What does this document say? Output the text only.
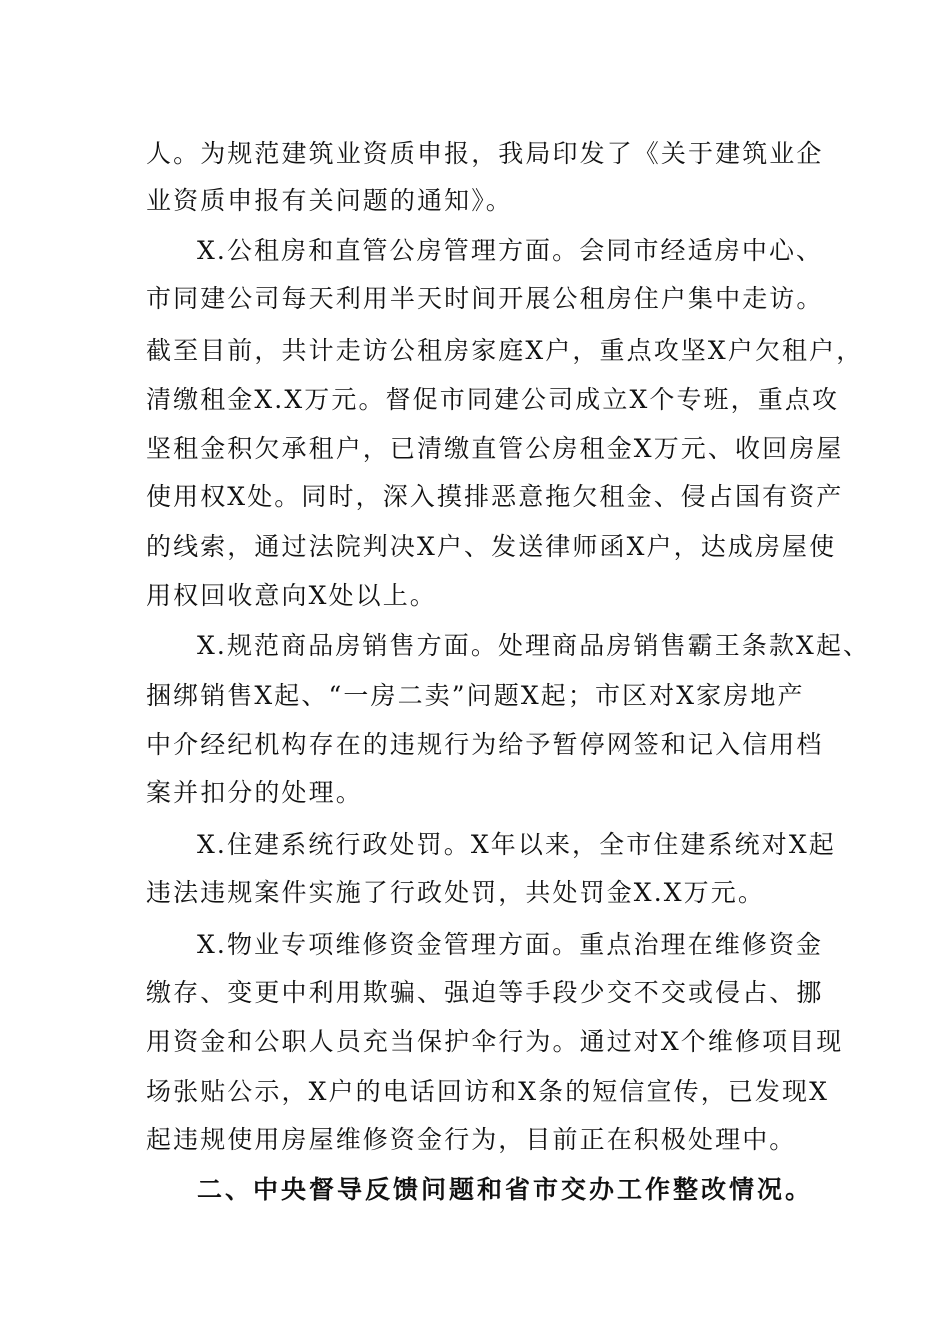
人。为规范建筑业资质申报，我局印发了《关于建筑业企
业资质申报有关问题的通知》。
X.公租房和直管公房管理方面。会同市经适房中心、
市同建公司每天利用半天时间开展公租房住户集中走访。
截至目前，共计走访公租房家庭X户，重点攻坚X户欠租户，
清缴租金X.X万元。督促市同建公司成立X个专班，重点攻
坚租金积欠承租户，已清缴直管公房租金X万元、收回房屋
使用权X处。同时，深入摸排恶意拖欠租金、侵占国有资产
的线索，通过法院判决X户、发送律师函X户，达成房屋使
用权回收意向X处以上。
X.规范商品房销售方面。处理商品房销售霸王条款X起、
捆绑销售X起、“一房二卖”问题X起；市区对X家房地产
中介经纪机构存在的违规行为给予暂停网签和记入信用档
案并扣分的处理。
X.住建系统行政处罚。X年以来，全市住建系统对X起
违法违规案件实施了行政处罚，共处罚金X.X万元。
X.物业专项维修资金管理方面。重点治理在维修资金
缴存、变更中利用欺骗、强迫等手段少交不交或侵占、挪
用资金和公职人员充当保护伞行为。通过对X个维修项目现
场张贴公示，X户的电话回访和X条的短信宣传，已发现X
起违规使用房屋维修资金行为，目前正在积极处理中。
二、中央督导反馈问题和省市交办工作整改情况。
